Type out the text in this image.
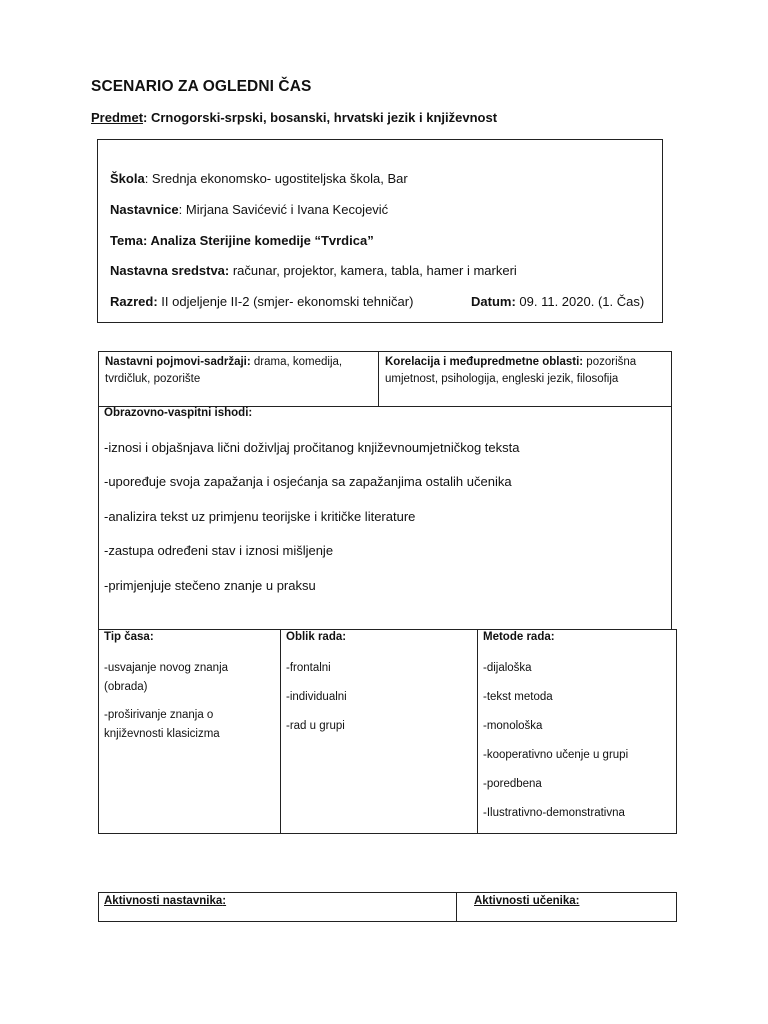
SCENARIO ZA OGLEDNI ČAS
Predmet: Crnogorski-srpski, bosanski, hrvatski jezik i književnost
Škola: Srednja ekonomsko- ugostiteljska škola, Bar
Nastavnice: Mirjana Savićević i Ivana Kecojević
Tema: Analiza Sterijine komedije “Tvrdica”
Nastavna sredstva: računar, projektor, kamera, tabla, hamer i markeri
Razred: II odjeljenje II-2 (smjer- ekonomski tehničar)	Datum: 09. 11. 2020. (1. Čas)
Nastavni pojmovi-sadržaji: drama, komedija, tvrdičluk, pozorište
Korelacija i međupredmetne oblasti: pozorišna umjetnost, psihologija, engleski jezik, filosofija
Obrazovno-vaspitni ishodi:
-iznosi i objašnjava lični doživljaj pročitanog književnoumjetničkog teksta
-upoređuje svoja zapažanja i osjećanja sa zapažanjima ostalih učenika
-analizira tekst uz primjenu teorijske i kritičke literature
-zastupa određeni stav i iznosi mišljenje
-primjenjuje stečeno znanje u praksu
Tip časa:
-usvajanje novog znanja
(obrada)
-proširivanje znanja o
književnosti klasicizma
Oblik rada:
-frontalni
-individualni
-rad u grupi
Metode rada:
-dijaloška
-tekst metoda
-monološka
-kooperativno učenje u grupi
-poredbena
-Ilustrativno-demonstrativna
Aktivnosti nastavnika:	Aktivnosti učenika:
